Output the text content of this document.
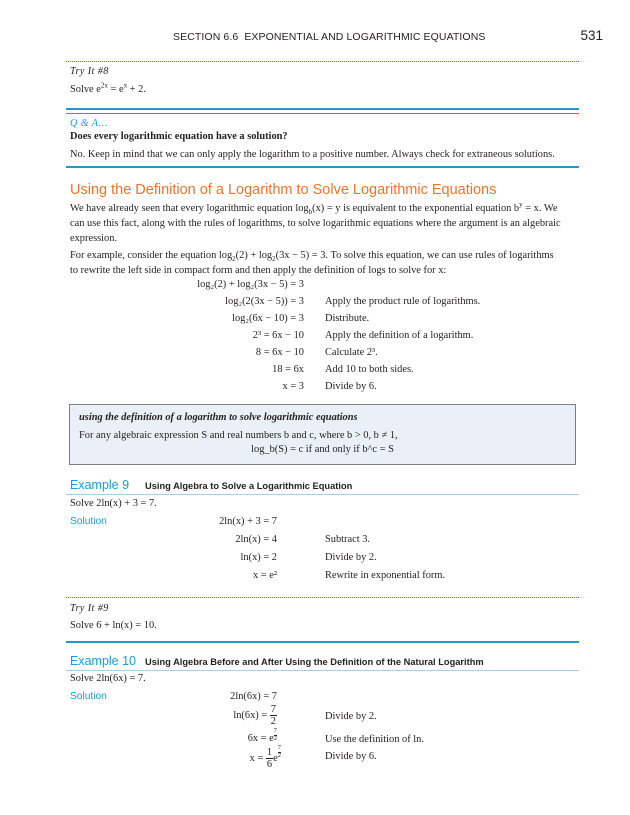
SECTION 6.6 EXPONENTIAL AND LOGARITHMIC EQUATIONS	531
Try It #8
Solve $e^{2x} = e^x + 2$.
Q & A…
Does every logarithmic equation have a solution?
No. Keep in mind that we can only apply the logarithm to a positive number. Always check for extraneous solutions.
Using the Definition of a Logarithm to Solve Logarithmic Equations
We have already seen that every logarithmic equation $\log_b(x) = y$ is equivalent to the exponential equation $b^y = x$. We
can use this fact, along with the rules of logarithms, to solve logarithmic equations where the argument is an algebraic
expression.
For example, consider the equation $\log_2(2) + \log_2(3x - 5) = 3$. To solve this equation, we can use rules of logarithms
to rewrite the left side in compact form and then apply the definition of logs to solve for x:
log₂(2) + log₂(3x − 5) = 3
log₂(2(3x − 5)) = 3 Apply the product rule of logarithms.
log₂(6x − 10) = 3 Distribute.
2³ = 6x − 10 Apply the definition of a logarithm.
8 = 6x − 10 Calculate 2³.
18 = 6x Add 10 to both sides.
x = 3 Divide by 6.
using the definition of a logarithm to solve logarithmic equations
For any algebraic expression S and real numbers b and c, where b > 0, b ≠ 1,
log_b(S) = c if and only if b^c = S
Example 9 Using Algebra to Solve a Logarithmic Equation
Solve 2ln(x) + 3 = 7.
Solution	2ln(x) + 3 = 7
2ln(x) = 4	Subtract 3.
ln(x) = 2	Divide by 2.
x = e²	Rewrite in exponential form.
Try It #9
Solve 6 + ln(x) = 10.
Example 10 Using Algebra Before and After Using the Definition of the Natural Logarithm
Solve 2ln(6x) = 7.
Solution	2ln(6x) = 7
$\ln(6x) = \frac{7}{2}$	Divide by 2.
6x = e $\frac{7}{2}$	Use the definition of ln.
$x = \frac{1}{6}$ e $\frac{7}{2}$	Divide by 6.
